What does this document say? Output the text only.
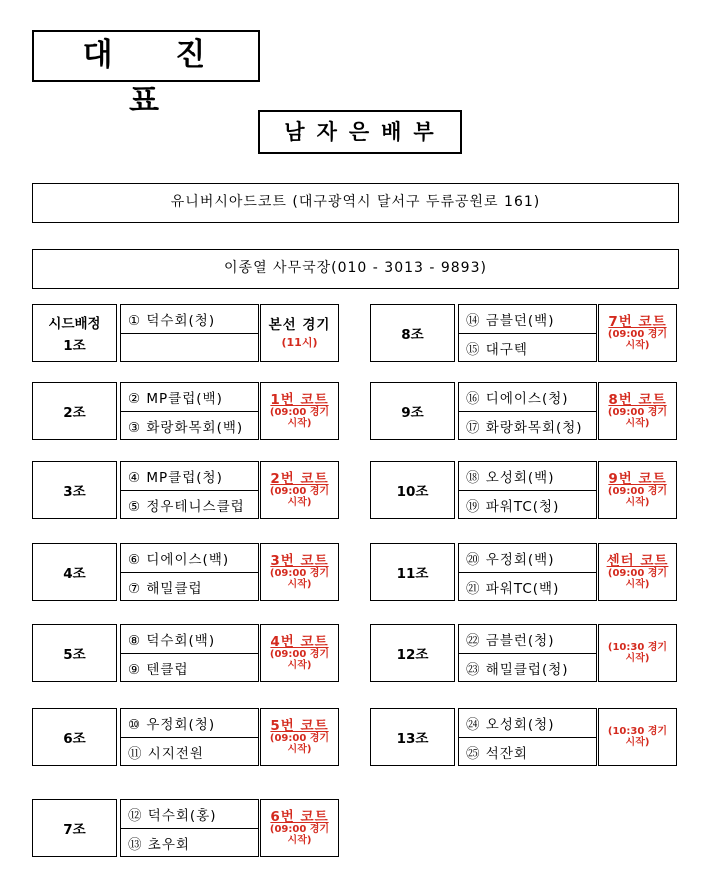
대 진 표
남자은배부
유니버시아드코트 (대구광역시 달서구 두류공원로 161)
이종열 사무국장(010 - 3013 - 9893)
시드배정
1조
① 덕수회(청)	본선 경기
(11시)
2조
② MP클럽(백)
③ 화랑화목회(백)
1번 코트
(09:00 경기
시작)
3조
④ MP클럽(청)
⑤ 정우테니스클럽
2번 코트
(09:00 경기
시작)
4조
⑥ 디에이스(백)
⑦ 해밀클럽
3번 코트
(09:00 경기
시작)
5조
⑧ 덕수회(백)
⑨ 텐클럽
4번 코트
(09:00 경기
시작)
6조
⑩ 우정회(청)
⑪ 시지전원
5번 코트
(09:00 경기
시작)
7조
⑫ 덕수회(홍)
⑬ 초우회
6번 코트
(09:00 경기
시작)
8조
⑭ 금블던(백)
⑮ 대구텍
7번 코트
(09:00 경기
시작)
9조
⑯ 디에이스(청)
⑰ 화랑화목회(청)
8번 코트
(09:00 경기
시작)
10조
⑱ 오성회(백)
⑲ 파워TC(청)
9번 코트
(09:00 경기
시작)
11조
⑳ 우정회(백)
㉑ 파워TC(백)
센터 코트
(09:00 경기
시작)
12조
㉒ 금블런(청)
㉓ 해밀클럽(청)
(10:30 경기
시작)
13조
㉔ 오성회(청)
㉕ 석잔회
(10:30 경기
시작)
